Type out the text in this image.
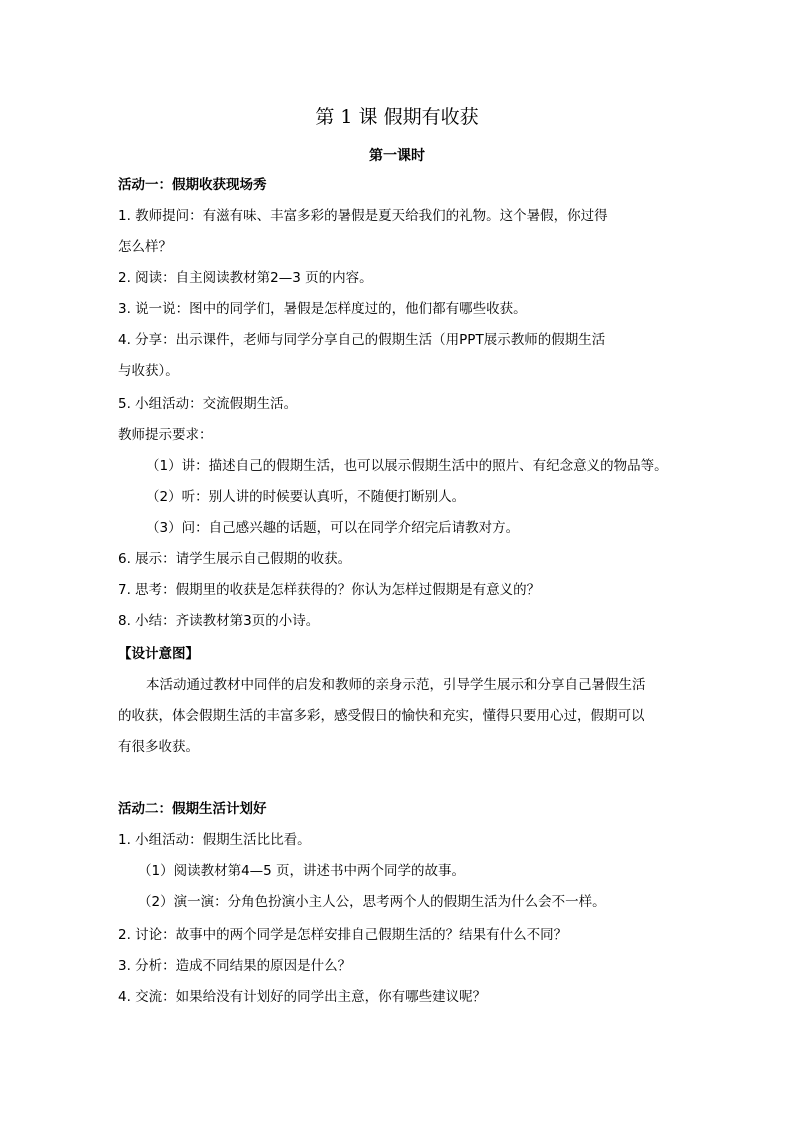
第 1 课 假期有收获
第一课时
活动一：假期收获现场秀
1. 教师提问：有滋有味、丰富多彩的暑假是夏天给我们的礼物。这个暑假，你过得
怎么样？
2. 阅读：自主阅读教材第2—3 页的内容。
3. 说一说：图中的同学们，暑假是怎样度过的，他们都有哪些收获。
4. 分享：出示课件，老师与同学分享自己的假期生活（用PPT展示教师的假期生活
与收获）。
5. 小组活动：交流假期生活。
教师提示要求：
（1）讲：描述自己的假期生活，也可以展示假期生活中的照片、有纪念意义的物品等。
（2）听：别人讲的时候要认真听，不随便打断别人。
（3）问：自己感兴趣的话题，可以在同学介绍完后请教对方。
6. 展示：请学生展示自己假期的收获。
7. 思考：假期里的收获是怎样获得的？你认为怎样过假期是有意义的？
8. 小结：齐读教材第3页的小诗。
【设计意图】
本活动通过教材中同伴的启发和教师的亲身示范，引导学生展示和分享自己暑假生活
的收获，体会假期生活的丰富多彩，感受假日的愉快和充实，懂得只要用心过，假期可以
有很多收获。
活动二：假期生活计划好
1. 小组活动：假期生活比比看。
（1）阅读教材第4—5 页，讲述书中两个同学的故事。
（2）演一演：分角色扮演小主人公，思考两个人的假期生活为什么会不一样。
2. 讨论：故事中的两个同学是怎样安排自己假期生活的？结果有什么不同？
3. 分析：造成不同结果的原因是什么？
4. 交流：如果给没有计划好的同学出主意，你有哪些建议呢？
